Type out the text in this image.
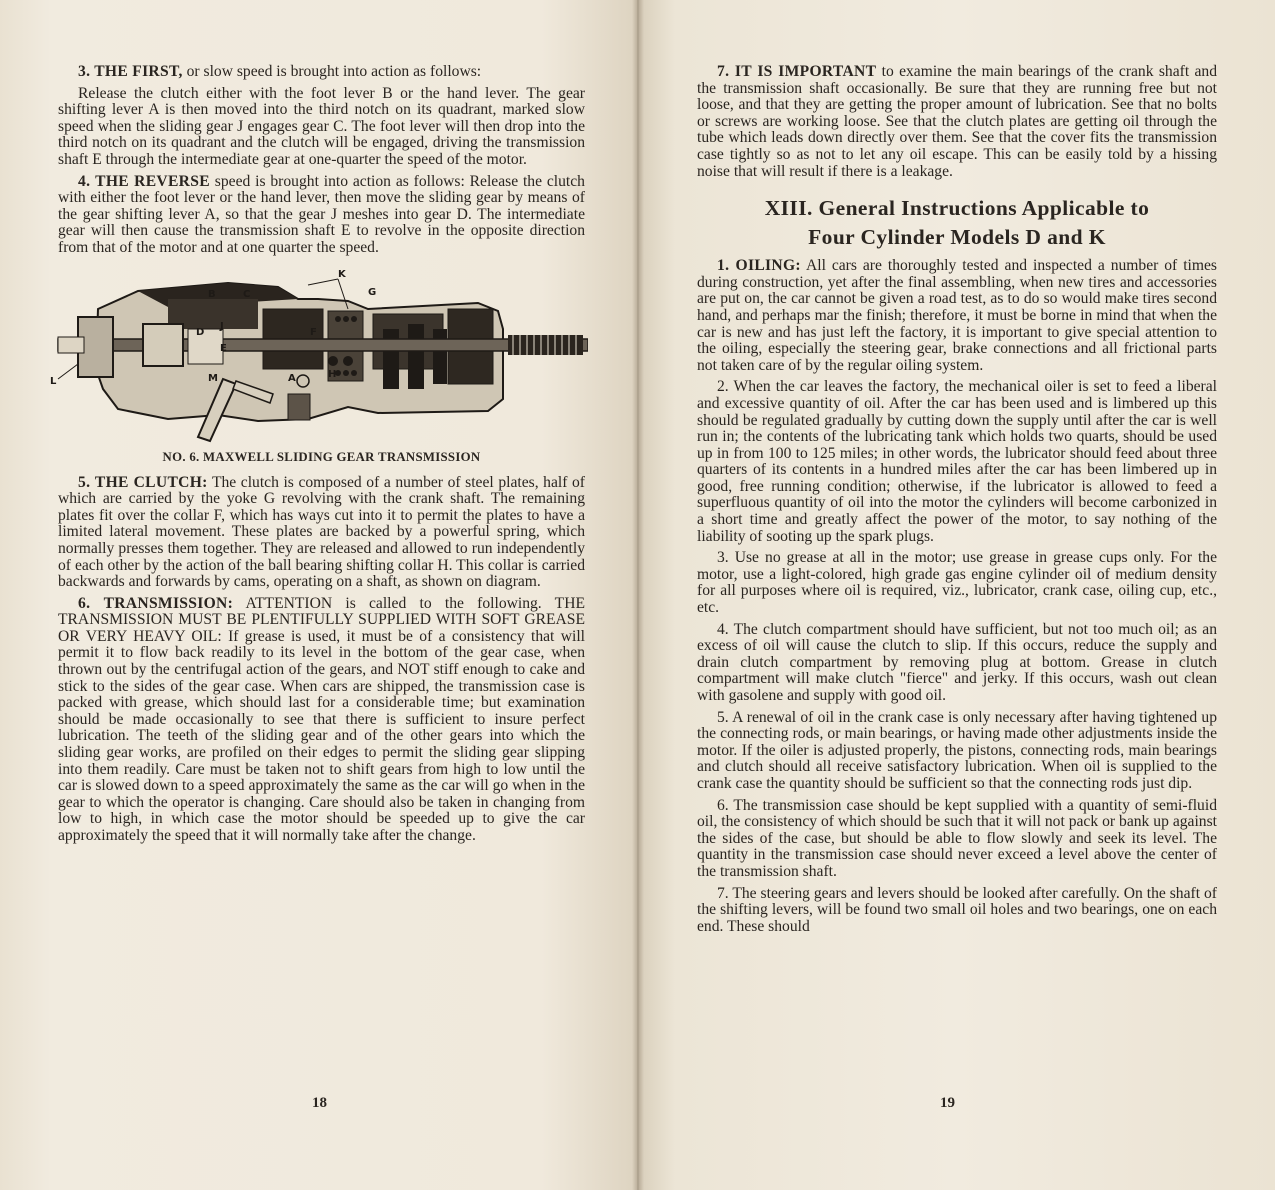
3. THE FIRST, or slow speed is brought into action as follows:

Release the clutch either with the foot lever B or the hand lever. The gear shifting lever A is then moved into the third notch on its quadrant, marked slow speed when the sliding gear J engages gear C. The foot lever will then drop into the third notch on its quadrant and the clutch will be engaged, driving the transmission shaft E through the intermediate gear at one-quarter the speed of the motor.

4. THE REVERSE speed is brought into action as follows: Release the clutch with either the foot lever or the hand lever, then move the sliding gear by means of the gear shifting lever A, so that the gear J meshes into gear D. The intermediate gear will then cause the transmission shaft E to revolve in the opposite direction from that of the motor and at one quarter the speed.

B	C
K
G
J
F
D
E
A	H
M
L
NO. 6. MAXWELL SLIDING GEAR TRANSMISSION

5. THE CLUTCH: The clutch is composed of a number of steel plates, half of which are carried by the yoke G revolving with the crank shaft. The remaining plates fit over the collar F, which has ways cut into it to permit the plates to have a limited lateral movement. These plates are backed by a powerful spring, which normally presses them together. They are released and allowed to run independently of each other by the action of the ball bearing shifting collar H. This collar is carried backwards and forwards by cams, operating on a shaft, as shown on diagram.

6. TRANSMISSION: ATTENTION is called to the following. THE TRANSMISSION MUST BE PLENTIFULLY SUPPLIED WITH SOFT GREASE OR VERY HEAVY OIL: If grease is used, it must be of a consistency that will permit it to flow back readily to its level in the bottom of the gear case, when thrown out by the centrifugal action of the gears, and NOT stiff enough to cake and stick to the sides of the gear case. When cars are shipped, the transmission case is packed with grease, which should last for a considerable time; but examination should be made occasionally to see that there is sufficient to insure perfect lubrication. The teeth of the sliding gear and of the other gears into which the sliding gear works, are profiled on their edges to permit the sliding gear slipping into them readily. Care must be taken not to shift gears from high to low until the car is slowed down to a speed approximately the same as the car will go when in the gear to which the operator is changing. Care should also be taken in changing from low to high, in which case the motor should be speeded up to give the car approximately the speed that it will normally take after the change.

18

7. IT IS IMPORTANT to examine the main bearings of the crank shaft and the transmission shaft occasionally. Be sure that they are running free but not loose, and that they are getting the proper amount of lubrication. See that no bolts or screws are working loose. See that the clutch plates are getting oil through the tube which leads down directly over them. See that the cover fits the transmission case tightly so as not to let any oil escape. This can be easily told by a hissing noise that will result if there is a leakage.

XIII. General Instructions Applicable to
Four Cylinder Models D and K

1. OILING: All cars are thoroughly tested and inspected a number of times during construction, yet after the final assembling, when new tires and accessories are put on, the car cannot be given a road test, as to do so would make tires second hand, and perhaps mar the finish; therefore, it must be borne in mind that when the car is new and has just left the factory, it is important to give special attention to the oiling, especially the steering gear, brake connections and all frictional parts not taken care of by the regular oiling system.

2. When the car leaves the factory, the mechanical oiler is set to feed a liberal and excessive quantity of oil. After the car has been used and is limbered up this should be regulated gradually by cutting down the supply until after the car is well run in; the contents of the lubricating tank which holds two quarts, should be used up in from 100 to 125 miles; in other words, the lubricator should feed about three quarters of its contents in a hundred miles after the car has been limbered up in good, free running condition; otherwise, if the lubricator is allowed to feed a superfluous quantity of oil into the motor the cylinders will become carbonized in a short time and greatly affect the power of the motor, to say nothing of the liability of sooting up the spark plugs.

3. Use no grease at all in the motor; use grease in grease cups only. For the motor, use a light-colored, high grade gas engine cylinder oil of medium density for all purposes where oil is required, viz., lubricator, crank case, oiling cup, etc., etc.

4. The clutch compartment should have sufficient, but not too much oil; as an excess of oil will cause the clutch to slip. If this occurs, reduce the supply and drain clutch compartment by removing plug at bottom. Grease in clutch compartment will make clutch "fierce" and jerky. If this occurs, wash out clean with gasolene and supply with good oil.

5. A renewal of oil in the crank case is only necessary after having tightened up the connecting rods, or main bearings, or having made other adjustments inside the motor. If the oiler is adjusted properly, the pistons, connecting rods, main bearings and clutch should all receive satisfactory lubrication. When oil is supplied to the crank case the quantity should be sufficient so that the connecting rods just dip.

6. The transmission case should be kept supplied with a quantity of semi-fluid oil, the consistency of which should be such that it will not pack or bank up against the sides of the case, but should be able to flow slowly and seek its level. The quantity in the transmission case should never exceed a level above the center of the transmission shaft.

7. The steering gears and levers should be looked after carefully. On the shaft of the shifting levers, will be found two small oil holes and two bearings, one on each end. These should

19
